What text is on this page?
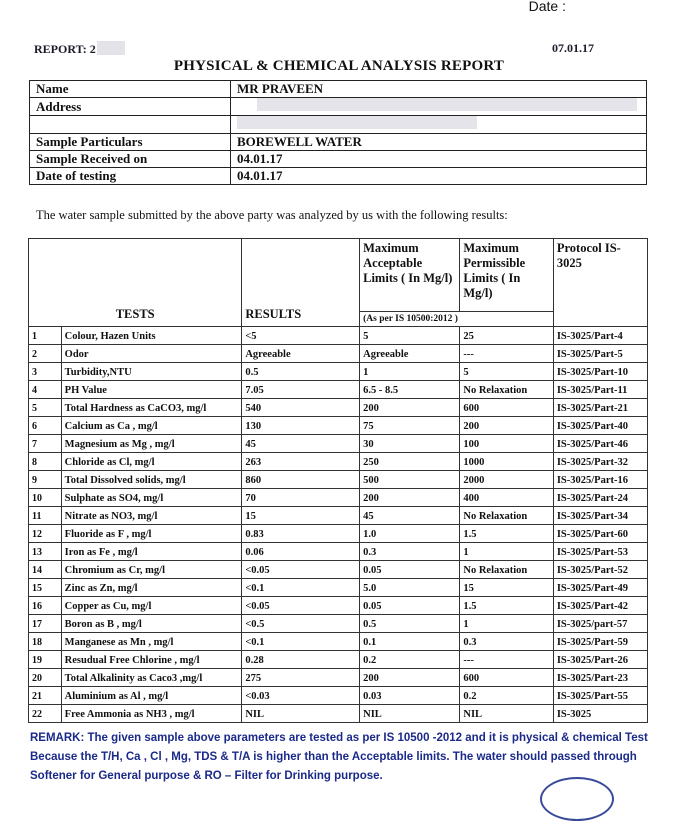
Date :
REPORT: 2	07.01.17
PHYSICAL & CHEMICAL ANALYSIS REPORT
Name	MR PRAVEEN
Address	

Sample Particulars	BOREWELL WATER
Sample Received on	04.01.17
Date of testing	04.01.17
The water sample submitted by the above party was analyzed by us with the following results:
TESTS		RESULTS	Maximum Acceptable Limits ( In Mg/l)	Maximum Permissible Limits ( In Mg/l)	Protocol IS-3025
			(As per IS 10500:2012 )		
1	Colour, Hazen Units	<5	5	25	IS-3025/Part-4
2	Odor	Agreeable	Agreeable	---	IS-3025/Part-5
3	Turbidity,NTU	0.5	1	5	IS-3025/Part-10
4	PH Value	7.05	6.5 - 8.5	No Relaxation	IS-3025/Part-11
5	Total Hardness as CaCO3, mg/l	540	200	600	IS-3025/Part-21
6	Calcium as Ca , mg/l	130	75	200	IS-3025/Part-40
7	Magnesium as Mg , mg/l	45	30	100	IS-3025/Part-46
8	Chloride as Cl, mg/l	263	250	1000	IS-3025/Part-32
9	Total Dissolved solids, mg/l	860	500	2000	IS-3025/Part-16
10	Sulphate as SO4, mg/l	70	200	400	IS-3025/Part-24
11	Nitrate as NO3, mg/l	15	45	No Relaxation	IS-3025/Part-34
12	Fluoride as F , mg/l	0.83	1.0	1.5	IS-3025/Part-60
13	Iron as Fe , mg/l	0.06	0.3	1	IS-3025/Part-53
14	Chromium as Cr, mg/l	<0.05	0.05	No Relaxation	IS-3025/Part-52
15	Zinc as Zn, mg/l	<0.1	5.0	15	IS-3025/Part-49
16	Copper as Cu, mg/l	<0.05	0.05	1.5	IS-3025/Part-42
17	Boron as B , mg/l	<0.5	0.5	1	IS-3025/part-57
18	Manganese as Mn , mg/l	<0.1	0.1	0.3	IS-3025/Part-59
19	Resudual Free Chlorine , mg/l	0.28	0.2	---	IS-3025/Part-26
20	Total Alkalinity as Caco3 ,mg/l	275	200	600	IS-3025/Part-23
21	Aluminium as Al , mg/l	<0.03	0.03	0.2	IS-3025/Part-55
22	Free Ammonia as NH3 , mg/l	NIL	NIL	NIL	IS-3025
REMARK: The given sample above parameters are tested as per IS 10500 -2012 and it is physical & chemical Test
Because the T/H, Ca , Cl , Mg, TDS & T/A is higher than the Acceptable limits. The water should passed through
Softener for General purpose & RO – Filter for Drinking purpose.
